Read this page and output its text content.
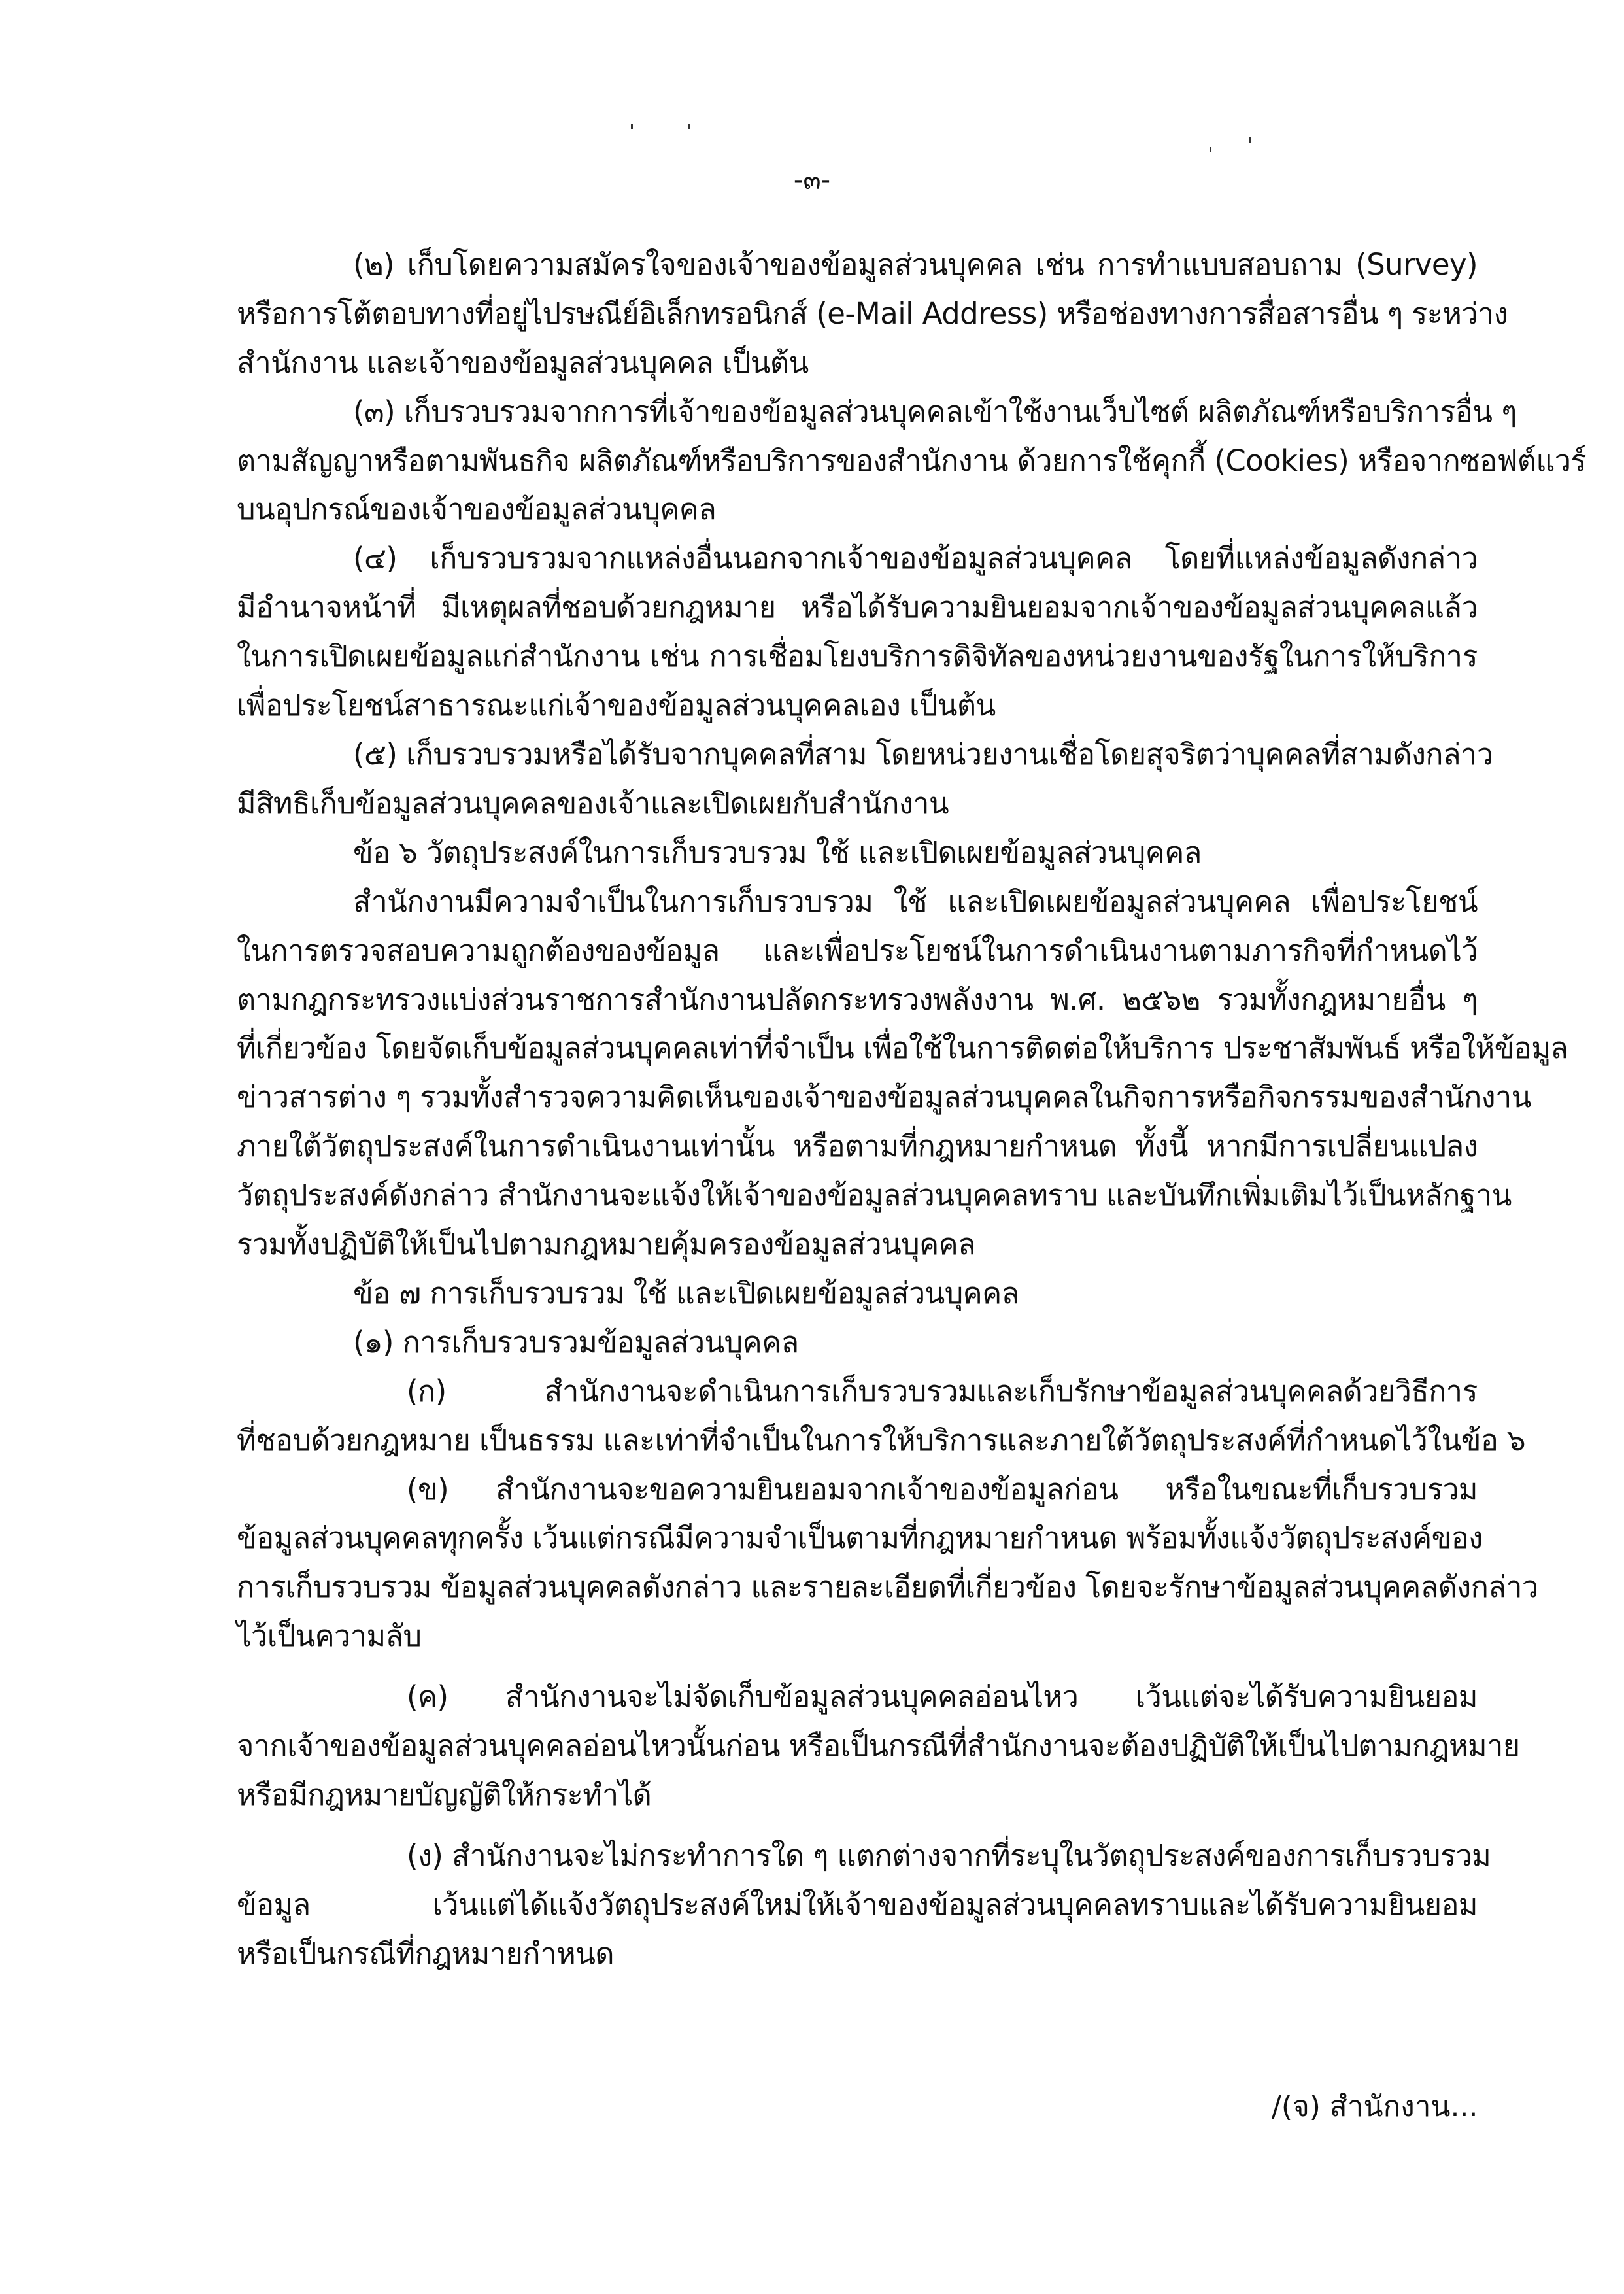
-๓-
(๒) เก็บโดยความสมัครใจของเจ้าของข้อมูลส่วนบุคคล เช่น การทำแบบสอบถาม (Survey)
หรือการโต้ตอบทางที่อยู่ไปรษณีย์อิเล็กทรอนิกส์ (e-Mail Address) หรือช่องทางการสื่อสารอื่น ๆ ระหว่าง
สำนักงาน และเจ้าของข้อมูลส่วนบุคคล เป็นต้น
(๓) เก็บรวบรวมจากการที่เจ้าของข้อมูลส่วนบุคคลเข้าใช้งานเว็บไซต์ ผลิตภัณฑ์หรือบริการอื่น ๆ
ตามสัญญาหรือตามพันธกิจ ผลิตภัณฑ์หรือบริการของสำนักงาน ด้วยการใช้คุกกี้ (Cookies) หรือจากซอฟต์แวร์
บนอุปกรณ์ของเจ้าของข้อมูลส่วนบุคคล
(๔) เก็บรวบรวมจากแหล่งอื่นนอกจากเจ้าของข้อมูลส่วนบุคคล โดยที่แหล่งข้อมูลดังกล่าว
มีอำนาจหน้าที่ มีเหตุผลที่ชอบด้วยกฎหมาย หรือได้รับความยินยอมจากเจ้าของข้อมูลส่วนบุคคลแล้ว
ในการเปิดเผยข้อมูลแก่สำนักงาน เช่น การเชื่อมโยงบริการดิจิทัลของหน่วยงานของรัฐในการให้บริการ
เพื่อประโยชน์สาธารณะแก่เจ้าของข้อมูลส่วนบุคคลเอง เป็นต้น
(๕) เก็บรวบรวมหรือได้รับจากบุคคลที่สาม โดยหน่วยงานเชื่อโดยสุจริตว่าบุคคลที่สามดังกล่าว
มีสิทธิเก็บข้อมูลส่วนบุคคลของเจ้าและเปิดเผยกับสำนักงาน
ข้อ ๖ วัตถุประสงค์ในการเก็บรวบรวม ใช้ และเปิดเผยข้อมูลส่วนบุคคล
สำนักงานมีความจำเป็นในการเก็บรวบรวม ใช้ และเปิดเผยข้อมูลส่วนบุคคล เพื่อประโยชน์
ในการตรวจสอบความถูกต้องของข้อมูล และเพื่อประโยชน์ในการดำเนินงานตามภารกิจที่กำหนดไว้
ตามกฎกระทรวงแบ่งส่วนราชการสำนักงานปลัดกระทรวงพลังงาน พ.ศ. ๒๕๖๒ รวมทั้งกฎหมายอื่น ๆ
ที่เกี่ยวข้อง โดยจัดเก็บข้อมูลส่วนบุคคลเท่าที่จำเป็น เพื่อใช้ในการติดต่อให้บริการ ประชาสัมพันธ์ หรือให้ข้อมูล
ข่าวสารต่าง ๆ รวมทั้งสำรวจความคิดเห็นของเจ้าของข้อมูลส่วนบุคคลในกิจการหรือกิจกรรมของสำนักงาน
ภายใต้วัตถุประสงค์ในการดำเนินงานเท่านั้น หรือตามที่กฎหมายกำหนด ทั้งนี้ หากมีการเปลี่ยนแปลง
วัตถุประสงค์ดังกล่าว สำนักงานจะแจ้งให้เจ้าของข้อมูลส่วนบุคคลทราบ และบันทึกเพิ่มเติมไว้เป็นหลักฐาน
รวมทั้งปฏิบัติให้เป็นไปตามกฎหมายคุ้มครองข้อมูลส่วนบุคคล
ข้อ ๗ การเก็บรวบรวม ใช้ และเปิดเผยข้อมูลส่วนบุคคล
(๑) การเก็บรวบรวมข้อมูลส่วนบุคคล
(ก) สำนักงานจะดำเนินการเก็บรวบรวมและเก็บรักษาข้อมูลส่วนบุคคลด้วยวิธีการ
ที่ชอบด้วยกฎหมาย เป็นธรรม และเท่าที่จำเป็นในการให้บริการและภายใต้วัตถุประสงค์ที่กำหนดไว้ในข้อ ๖
(ข) สำนักงานจะขอความยินยอมจากเจ้าของข้อมูลก่อน หรือในขณะที่เก็บรวบรวม
ข้อมูลส่วนบุคคลทุกครั้ง เว้นแต่กรณีมีความจำเป็นตามที่กฎหมายกำหนด พร้อมทั้งแจ้งวัตถุประสงค์ของ
การเก็บรวบรวม ข้อมูลส่วนบุคคลดังกล่าว และรายละเอียดที่เกี่ยวข้อง โดยจะรักษาข้อมูลส่วนบุคคลดังกล่าว
ไว้เป็นความลับ
(ค) สำนักงานจะไม่จัดเก็บข้อมูลส่วนบุคคลอ่อนไหว เว้นแต่จะได้รับความยินยอม
จากเจ้าของข้อมูลส่วนบุคคลอ่อนไหวนั้นก่อน หรือเป็นกรณีที่สำนักงานจะต้องปฏิบัติให้เป็นไปตามกฎหมาย
หรือมีกฎหมายบัญญัติให้กระทำได้
(ง) สำนักงานจะไม่กระทำการใด ๆ แตกต่างจากที่ระบุในวัตถุประสงค์ของการเก็บรวบรวม
ข้อมูล เว้นแต่ได้แจ้งวัตถุประสงค์ใหม่ให้เจ้าของข้อมูลส่วนบุคคลทราบและได้รับความยินยอม
หรือเป็นกรณีที่กฎหมายกำหนด
/(จ) สำนักงาน...
